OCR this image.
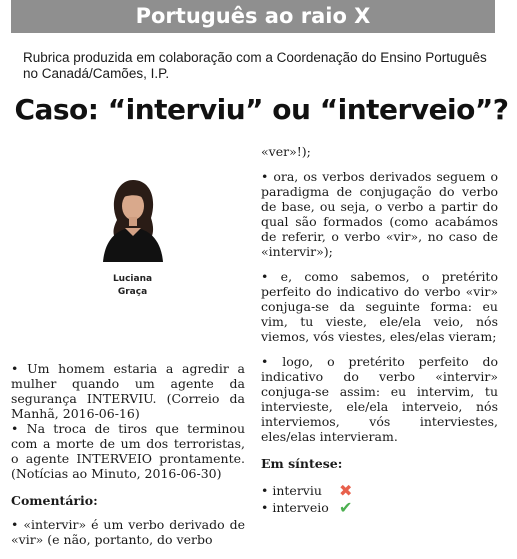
Português ao raio X
Rubrica produzida em colaboração com a Coordenação do Ensino Português no Canadá/Camões, I.P.
Caso: “interviu” ou “interveio”?
Luciana
Graça

• Um homem estaria a agredir a mulher quando um agente da segurança INTERVIU. (Correio da Manhã, 2016-06-16)

• Na troca de tiros que terminou com a morte de um dos terroristas, o agente INTERVEIO prontamente. (Notícias ao Minuto, 2016-06-30)

Comentário:

• «intervir» é um verbo derivado de «vir» (e não, portanto, do verbo

«ver»!);

• ora, os verbos derivados seguem o paradigma de conjugação do verbo de base, ou seja, o verbo a partir do qual são formados (como acabámos de referir, o verbo «vir», no caso de «intervir»);

• e, como sabemos, o pretérito perfeito do indicativo do verbo «vir» conjuga-se da seguinte forma: eu vim, tu vieste, ele/ela veio, nós viemos, vós viestes, eles/elas vieram;

• logo, o pretérito perfeito do indicativo do verbo «intervir» conjuga-se assim: eu intervim, tu intervieste, ele/ela interveio, nós interviemos, vós interviestes, eles/elas intervieram.

Em síntese:

• interviu	✖
• interveio ✔
